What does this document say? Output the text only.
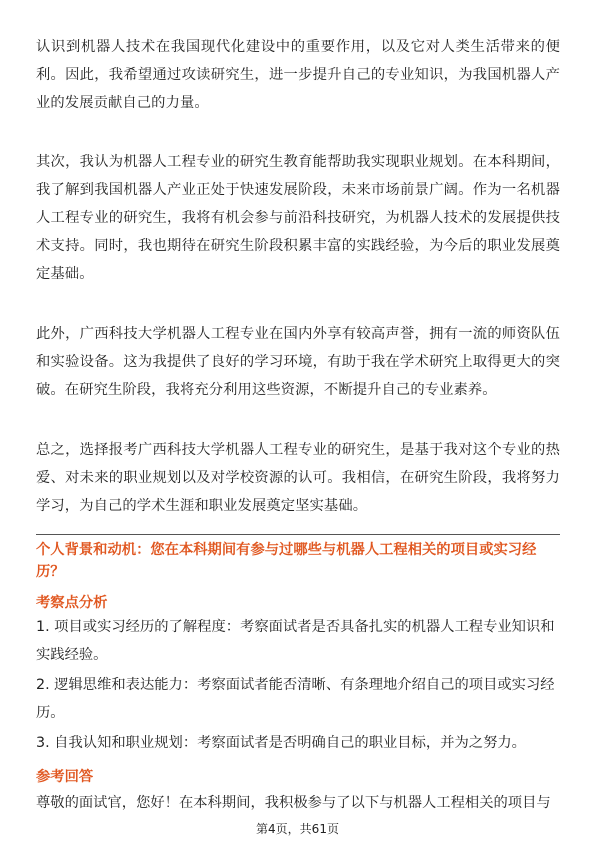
认识到机器人技术在我国现代化建设中的重要作用，以及它对人类生活带来的便利。因此，我希望通过攻读研究生，进一步提升自己的专业知识，为我国机器人产业的发展贡献自己的力量。

其次，我认为机器人工程专业的研究生教育能帮助我实现职业规划。在本科期间，我了解到我国机器人产业正处于快速发展阶段，未来市场前景广阔。作为一名机器人工程专业的研究生，我将有机会参与前沿科技研究，为机器人技术的发展提供技术支持。同时，我也期待在研究生阶段积累丰富的实践经验，为今后的职业发展奠定基础。

此外，广西科技大学机器人工程专业在国内外享有较高声誉，拥有一流的师资队伍和实验设备。这为我提供了良好的学习环境，有助于我在学术研究上取得更大的突破。在研究生阶段，我将充分利用这些资源，不断提升自己的专业素养。

总之，选择报考广西科技大学机器人工程专业的研究生，是基于我对这个专业的热爱、对未来的职业规划以及对学校资源的认可。我相信，在研究生阶段，我将努力学习，为自己的学术生涯和职业发展奠定坚实基础。

个人背景和动机：您在本科期间有参与过哪些与机器人工程相关的项目或实习经历？

考察点分析

1. 项目或实习经历的了解程度：考察面试者是否具备扎实的机器人工程专业知识和实践经验。
2. 逻辑思维和表达能力：考察面试者能否清晰、有条理地介绍自己的项目或实习经历。
3. 自我认知和职业规划：考察面试者是否明确自己的职业目标，并为之努力。

参考回答

尊敬的面试官，您好！在本科期间，我积极参与了以下与机器人工程相关的项目与

第4页，共61页
